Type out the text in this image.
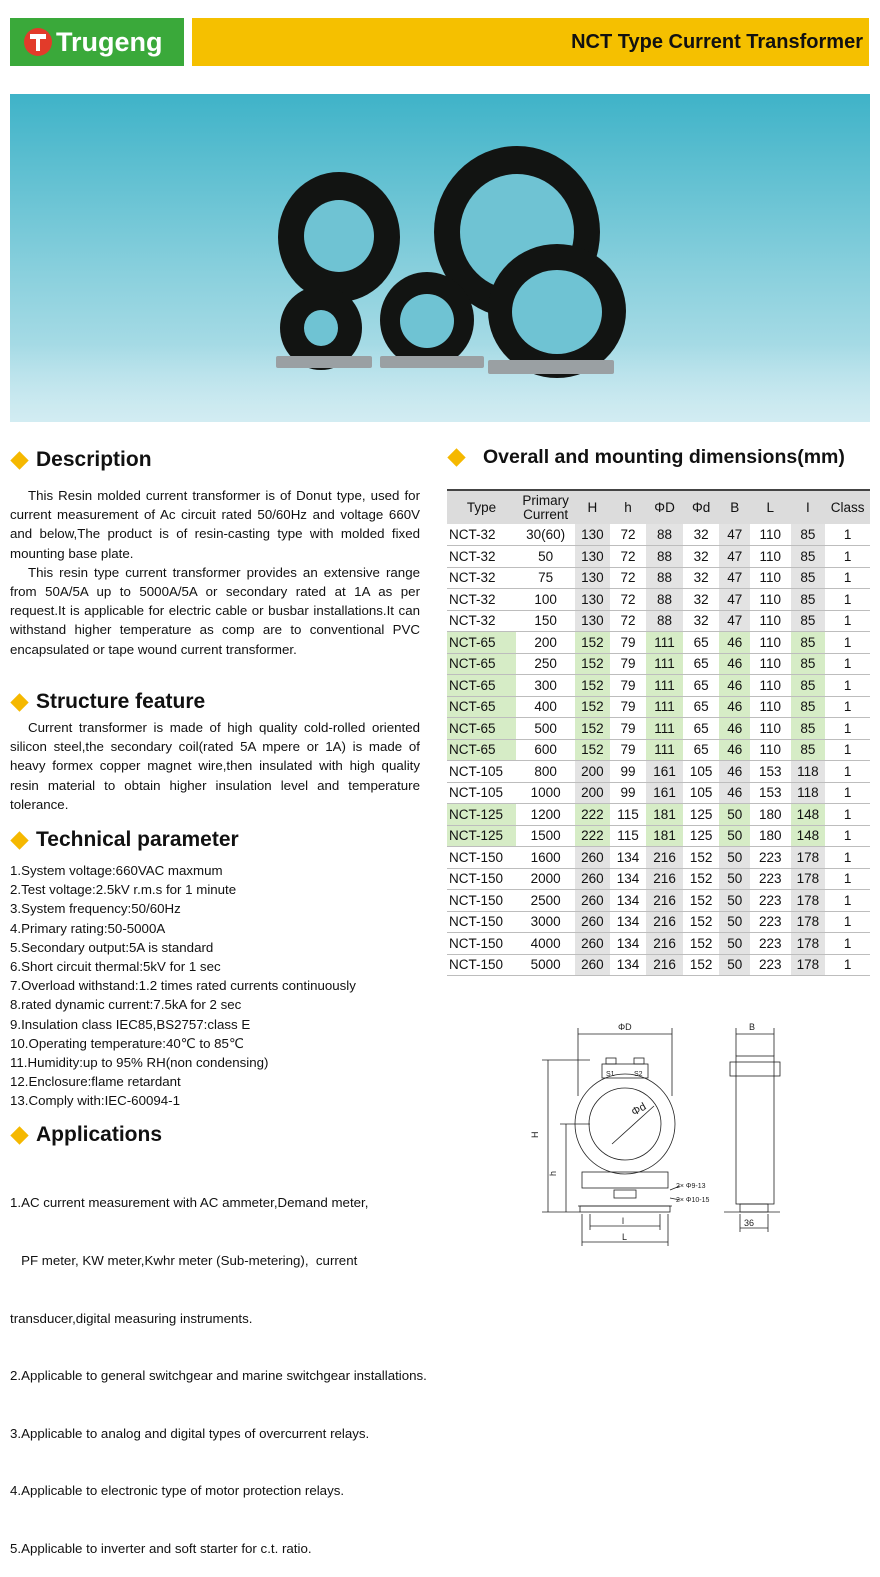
Trugeng	NCT Type Current Transformer
Description

This Resin molded current transformer is of Donut type, used for current measurement of Ac circuit rated 50/60Hz and voltage 660V and below,The product is of resin-casting type with molded fixed mounting base plate.

This resin type current transformer provides an extensive range from 50A/5A up to 5000A/5A or secondary rated at 1A as per request.It is applicable for electric cable or busbar installations.It can withstand higher temperature as comp are to conventional PVC encapsulated or tape wound current transformer.

Structure feature

Current transformer is made of high quality cold-rolled oriented silicon steel,the secondary coil(rated 5A mpere or 1A) is made of heavy formex copper magnet wire,then insulated with high quality resin material to obtain higher insulation level and temperature tolerance.

Technical parameter
1.System voltage:660VAC maxmum
2.Test voltage:2.5kV r.m.s for 1 minute
3.System frequency:50/60Hz
4.Primary rating:50-5000A
5.Secondary output:5A is standard
6.Short circuit thermal:5kV for 1 sec
7.Overload withstand:1.2 times rated currents continuously
8.rated dynamic current:7.5kA for 2 sec
9.Insulation class IEC85,BS2757:class E
10.Operating temperature:40℃ to 85℃
11.Humidity:up to 95% RH(non condensing)
12.Enclosure:flame retardant
13.Comply with:IEC-60094-1
Applications

1.AC current measurement with AC ammeter,Demand meter,

PF meter, KW meter,Kwhr meter (Sub-metering),  current

transducer,digital measuring instruments.

2.Applicable to general switchgear and marine switchgear installations.

3.Applicable to analog and digital types of overcurrent relays.

4.Applicable to electronic type of motor protection relays.

5.Applicable to inverter and soft starter for c.t. ratio.

Overall and mounting dimensions(mm)
Type	Primary Current	H	h	ΦD	Φd	B	L	I	Class
NCT-32	30(60)	130	72	88	32	47	110	85	1
NCT-32	50	130	72	88	32	47	110	85	1
NCT-32	75	130	72	88	32	47	110	85	1
NCT-32	100	130	72	88	32	47	110	85	1
NCT-32	150	130	72	88	32	47	110	85	1
NCT-65	200	152	79	111	65	46	110	85	1
NCT-65	250	152	79	111	65	46	110	85	1
NCT-65	300	152	79	111	65	46	110	85	1
NCT-65	400	152	79	111	65	46	110	85	1
NCT-65	500	152	79	111	65	46	110	85	1
NCT-65	600	152	79	111	65	46	110	85	1
NCT-105	800	200	99	161	105	46	153	118	1
NCT-105	1000	200	99	161	105	46	153	118	1
NCT-125	1200	222	115	181	125	50	180	148	1
NCT-125	1500	222	115	181	125	50	180	148	1
NCT-150	1600	260	134	216	152	50	223	178	1
NCT-150	2000	260	134	216	152	50	223	178	1
NCT-150	2500	260	134	216	152	50	223	178	1
NCT-150	3000	260	134	216	152	50	223	178	1
NCT-150	4000	260	134	216	152	50	223	178	1
NCT-150	5000	260	134	216	152	50	223	178	1
ΦD	B
Φd
H
h
l
L
S1	S2
2× Φ9-13
2× Φ10-15
36
